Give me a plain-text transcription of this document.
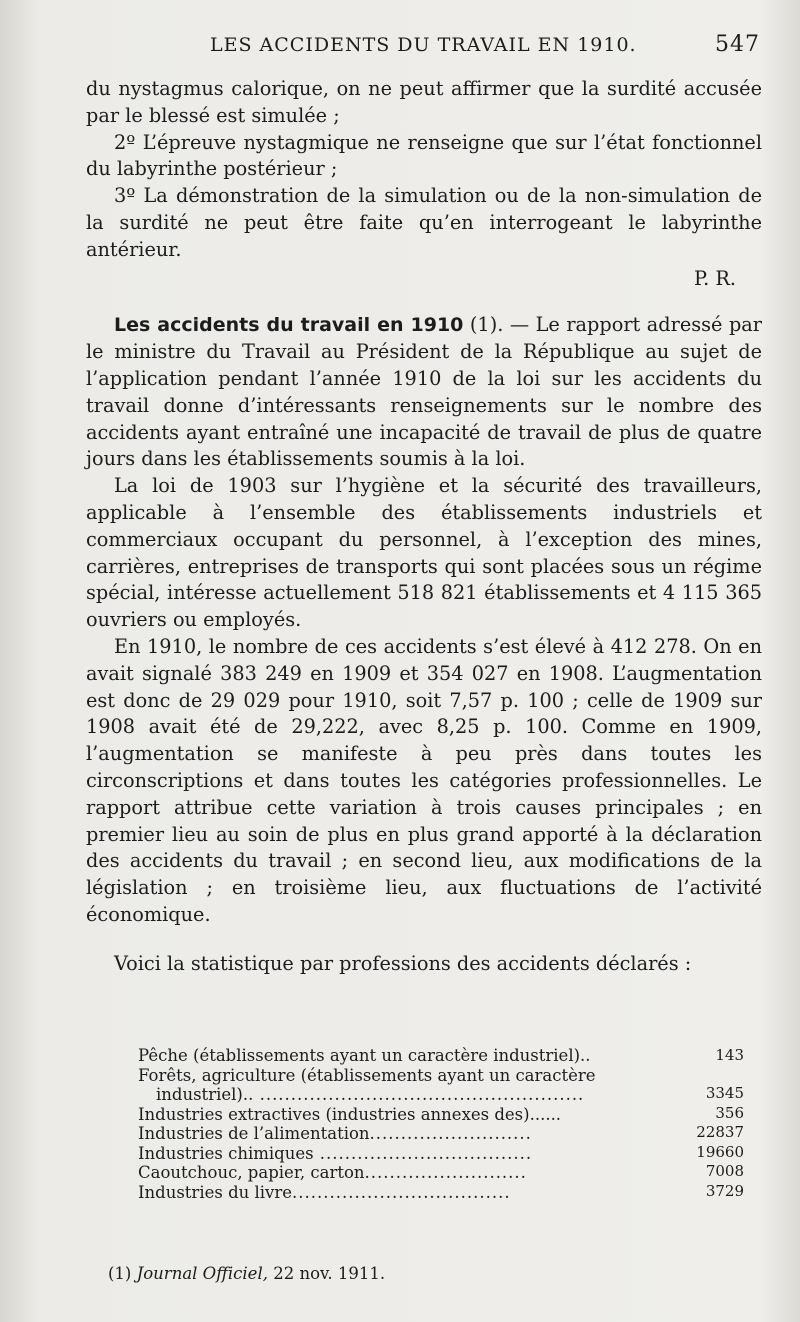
LES ACCIDENTS DU TRAVAIL EN 1910.	547

du nystagmus calorique, on ne peut affirmer que la surdité accusée par le blessé est simulée ;

2º L’épreuve nystagmique ne renseigne que sur l’état fonctionnel du labyrinthe postérieur ;

3º La démonstration de la simulation ou de la non-simulation de la surdité ne peut être faite qu’en interrogeant le labyrinthe antérieur.

P. R.

Les accidents du travail en 1910 (1). — Le rapport adressé par le ministre du Travail au Président de la République au sujet de l’application pendant l’année 1910 de la loi sur les accidents du travail donne d’intéressants renseignements sur le nombre des accidents ayant entraîné une incapacité de travail de plus de quatre jours dans les établissements soumis à la loi.

La loi de 1903 sur l’hygiène et la sécurité des travailleurs, applicable à l’ensemble des établissements industriels et commerciaux occupant du personnel, à l’exception des mines, carrières, entreprises de transports qui sont placées sous un régime spécial, intéresse actuellement 518 821 établissements et 4 115 365 ouvriers ou employés.

En 1910, le nombre de ces accidents s’est élevé à 412 278. On en avait signalé 383 249 en 1909 et 354 027 en 1908. L’augmentation est donc de 29 029 pour 1910, soit 7,57 p. 100 ; celle de 1909 sur 1908 avait été de 29,222, avec 8,25 p. 100. Comme en 1909, l’augmentation se manifeste à peu près dans toutes les circonscriptions et dans toutes les catégories professionnelles. Le rapport attribue cette variation à trois causes principales ; en premier lieu au soin de plus en plus grand apporté à la déclaration des accidents du travail ; en second lieu, aux modifications de la législation ; en troisième lieu, aux fluctuations de l’activité économique.

Voici la statistique par professions des accidents déclarés :

Pêche (établissements ayant un caractère industriel)..	143
Forêts, agriculture (établissements ayant un caractère
industriel).. ....................................................	3345
Industries extractives (industries annexes des)......	356
Industries de l’alimentation..........................	22837
Industries chimiques ..................................	19660
Caoutchouc, papier, carton..........................	7008
Industries du livre...................................	3729
(1) Journal Officiel, 22 nov. 1911.
